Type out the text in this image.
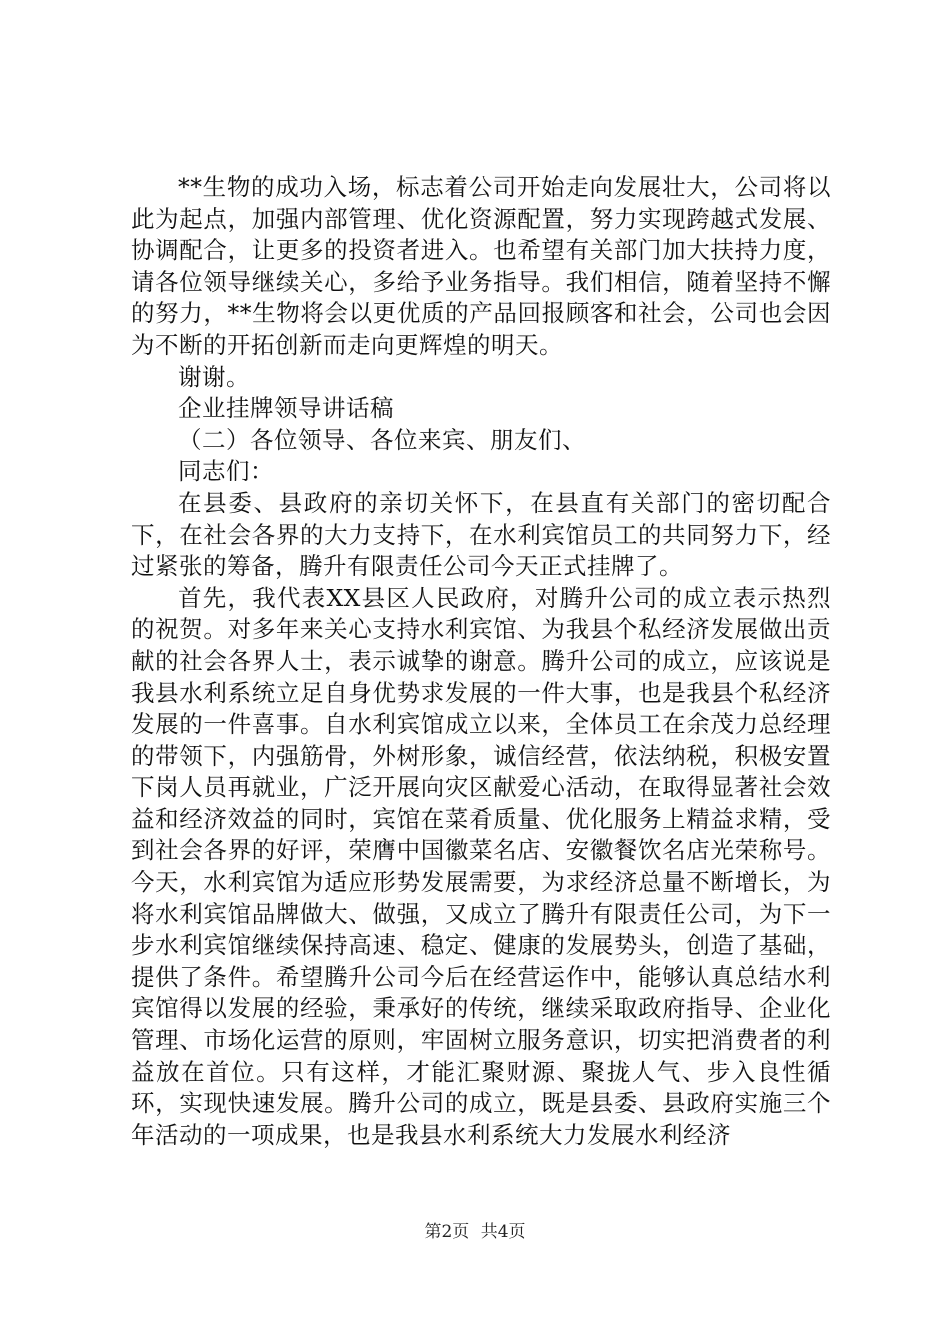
**生物的成功入场，标志着公司开始走向发展壮大，公司将以此为起点，加强内部管理、优化资源配置，努力实现跨越式发展、协调配合，让更多的投资者进入。也希望有关部门加大扶持力度，请各位领导继续关心，多给予业务指导。我们相信，随着坚持不懈的努力，**生物将会以更优质的产品回报顾客和社会，公司也会因为不断的开拓创新而走向更辉煌的明天。

谢谢。

企业挂牌领导讲话稿

（二）各位领导、各位来宾、朋友们、

同志们：

在县委、县政府的亲切关怀下，在县直有关部门的密切配合下，在社会各界的大力支持下，在水利宾馆员工的共同努力下，经过紧张的筹备，腾升有限责任公司今天正式挂牌了。

首先，我代表XX县区人民政府，对腾升公司的成立表示热烈的祝贺。对多年来关心支持水利宾馆、为我县个私经济发展做出贡献的社会各界人士，表示诚挚的谢意。腾升公司的成立，应该说是我县水利系统立足自身优势求发展的一件大事，也是我县个私经济发展的一件喜事。自水利宾馆成立以来，全体员工在余茂力总经理的带领下，内强筋骨，外树形象，诚信经营，依法纳税，积极安置下岗人员再就业，广泛开展向灾区献爱心活动，在取得显著社会效益和经济效益的同时，宾馆在菜肴质量、优化服务上精益求精，受到社会各界的好评，荣膺中国徽菜名店、安徽餐饮名店光荣称号。今天，水利宾馆为适应形势发展需要，为求经济总量不断增长，为将水利宾馆品牌做大、做强，又成立了腾升有限责任公司，为下一步水利宾馆继续保持高速、稳定、健康的发展势头，创造了基础，提供了条件。希望腾升公司今后在经营运作中，能够认真总结水利宾馆得以发展的经验，秉承好的传统，继续采取政府指导、企业化管理、市场化运营的原则，牢固树立服务意识，切实把消费者的利益放在首位。只有这样，才能汇聚财源、聚拢人气、步入良性循环，实现快速发展。腾升公司的成立，既是县委、县政府实施三个年活动的一项成果，也是我县水利系统大力发展水利经济

第2页 共4页
